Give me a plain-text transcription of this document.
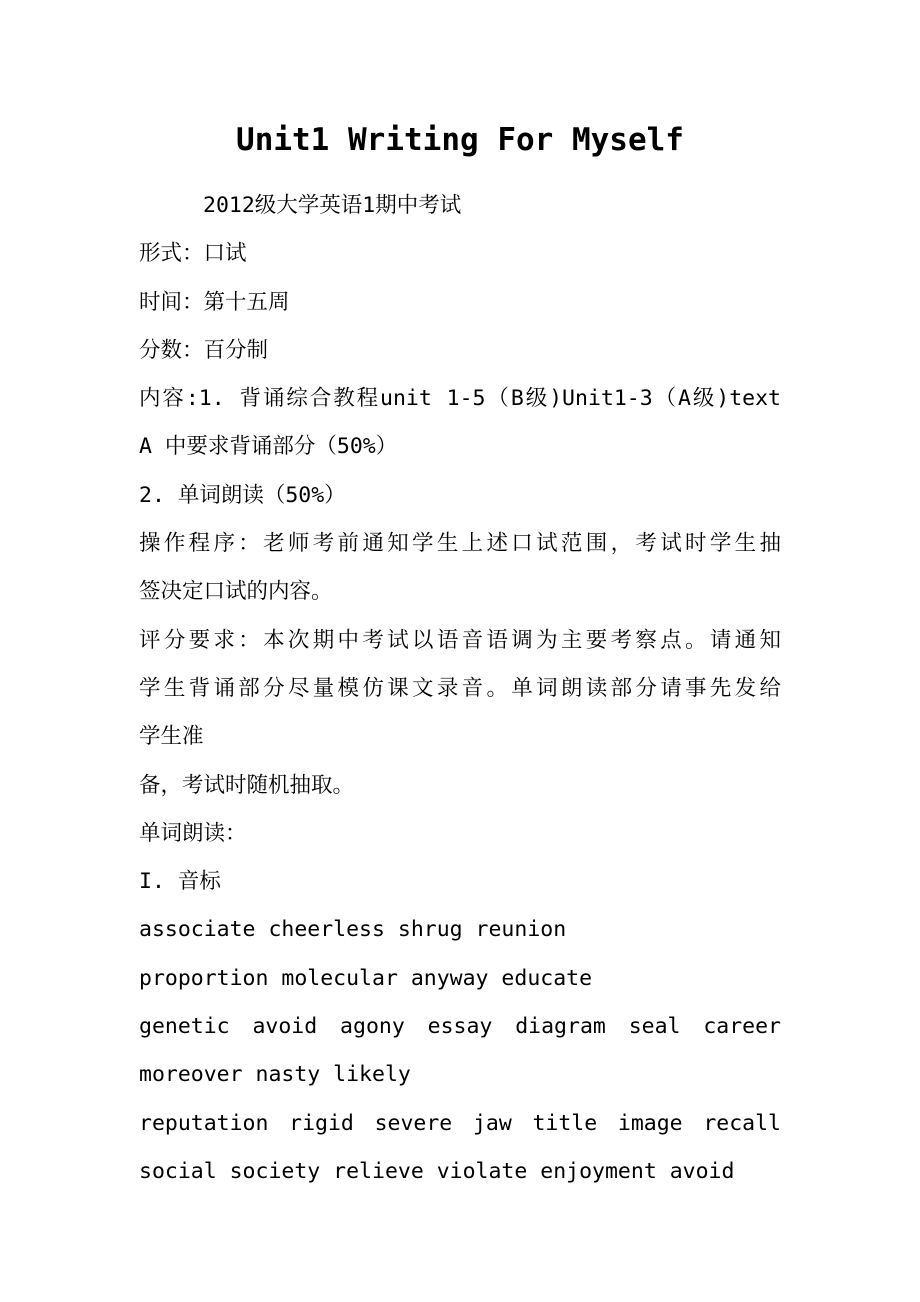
Unit1 Writing For Myself
2012级大学英语1期中考试
形式：口试
时间：第十五周
分数：百分制
内容:1. 背诵综合教程unit 1-5（B级)Unit1-3（A级)text
A 中要求背诵部分（50%）
2. 单词朗读（50%）
操作程序：老师考前通知学生上述口试范围，考试时学生抽
签决定口试的内容。
评分要求：本次期中考试以语音语调为主要考察点。请通知
学生背诵部分尽量模仿课文录音。单词朗读部分请事先发给
学生准
备，考试时随机抽取。
单词朗读：
I. 音标
associate cheerless shrug reunion
proportion molecular anyway educate
genetic avoid agony essay diagram seal career
moreover nasty likely
reputation rigid severe jaw title image recall
social society relieve violate enjoyment avoid
